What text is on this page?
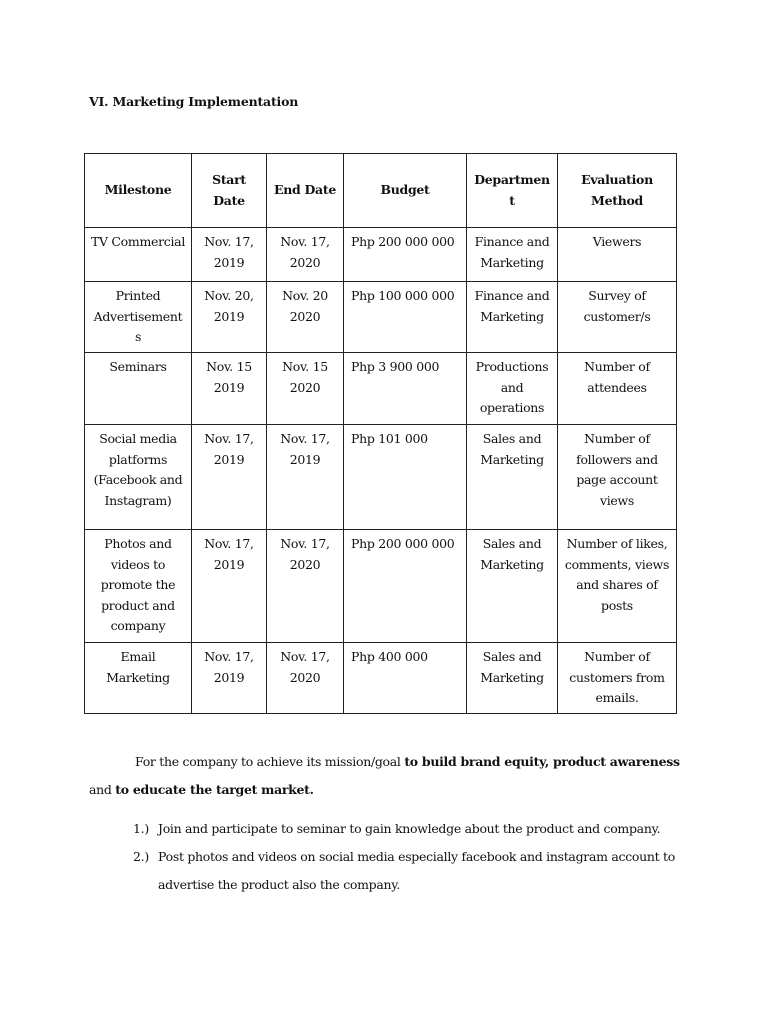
VI. Marketing Implementation
Milestone	Start Date	End Date	Budget	Departmen t	Evaluation Method
TV Commercial	Nov. 17, 2019	Nov. 17, 2020	Php 200 000 000	Finance and Marketing	Viewers
Printed Advertisement s	Nov. 20, 2019	Nov. 20 2020	Php 100 000 000	Finance and Marketing	Survey of customer/s
Seminars	Nov. 15 2019	Nov. 15 2020	Php 3 900 000	Productions and operations	Number of attendees
Social media platforms (Facebook and Instagram)	Nov. 17, 2019	Nov. 17, 2019	Php 101 000	Sales and Marketing	Number of followers and page account views
Photos and videos to promote the product and company	Nov. 17, 2019	Nov. 17, 2020	Php 200 000 000	Sales and Marketing	Number of likes, comments, views and shares of posts
Email Marketing	Nov. 17, 2019	Nov. 17, 2020	Php 400 000	Sales and Marketing	Number of customers from emails.
For the company to achieve its mission/goal to build brand equity, product awareness and to educate the target market.
1.) Join and participate to seminar to gain knowledge about the product and company.
2.) Post photos and videos on social media especially facebook and instagram account to advertise the product also the company.
